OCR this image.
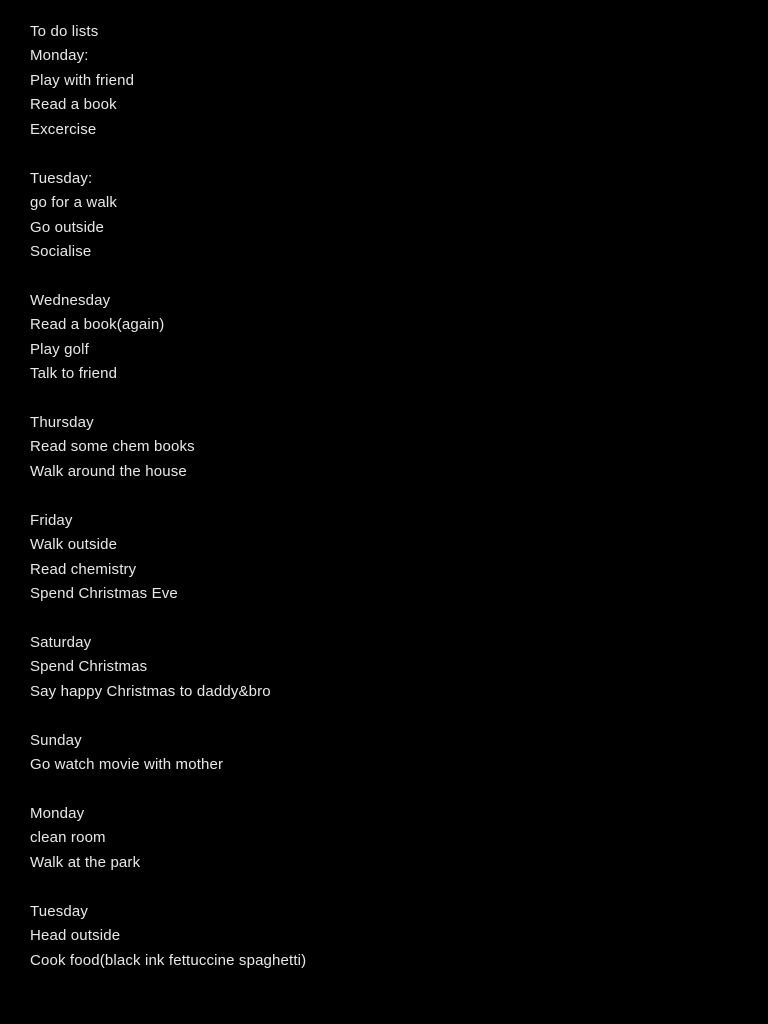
To do lists
Monday:
Play with friend
Read a book
Excercise
Tuesday:
go for a walk
Go outside
Socialise
Wednesday
Read a book(again)
Play golf
Talk to friend
Thursday
Read some chem books
Walk around the house
Friday
Walk outside
Read chemistry
Spend Christmas Eve
Saturday
Spend Christmas
Say happy Christmas to daddy&bro
Sunday
Go watch movie with mother
Monday
clean room
Walk at the park
Tuesday
Head outside
Cook food(black ink fettuccine spaghetti)
